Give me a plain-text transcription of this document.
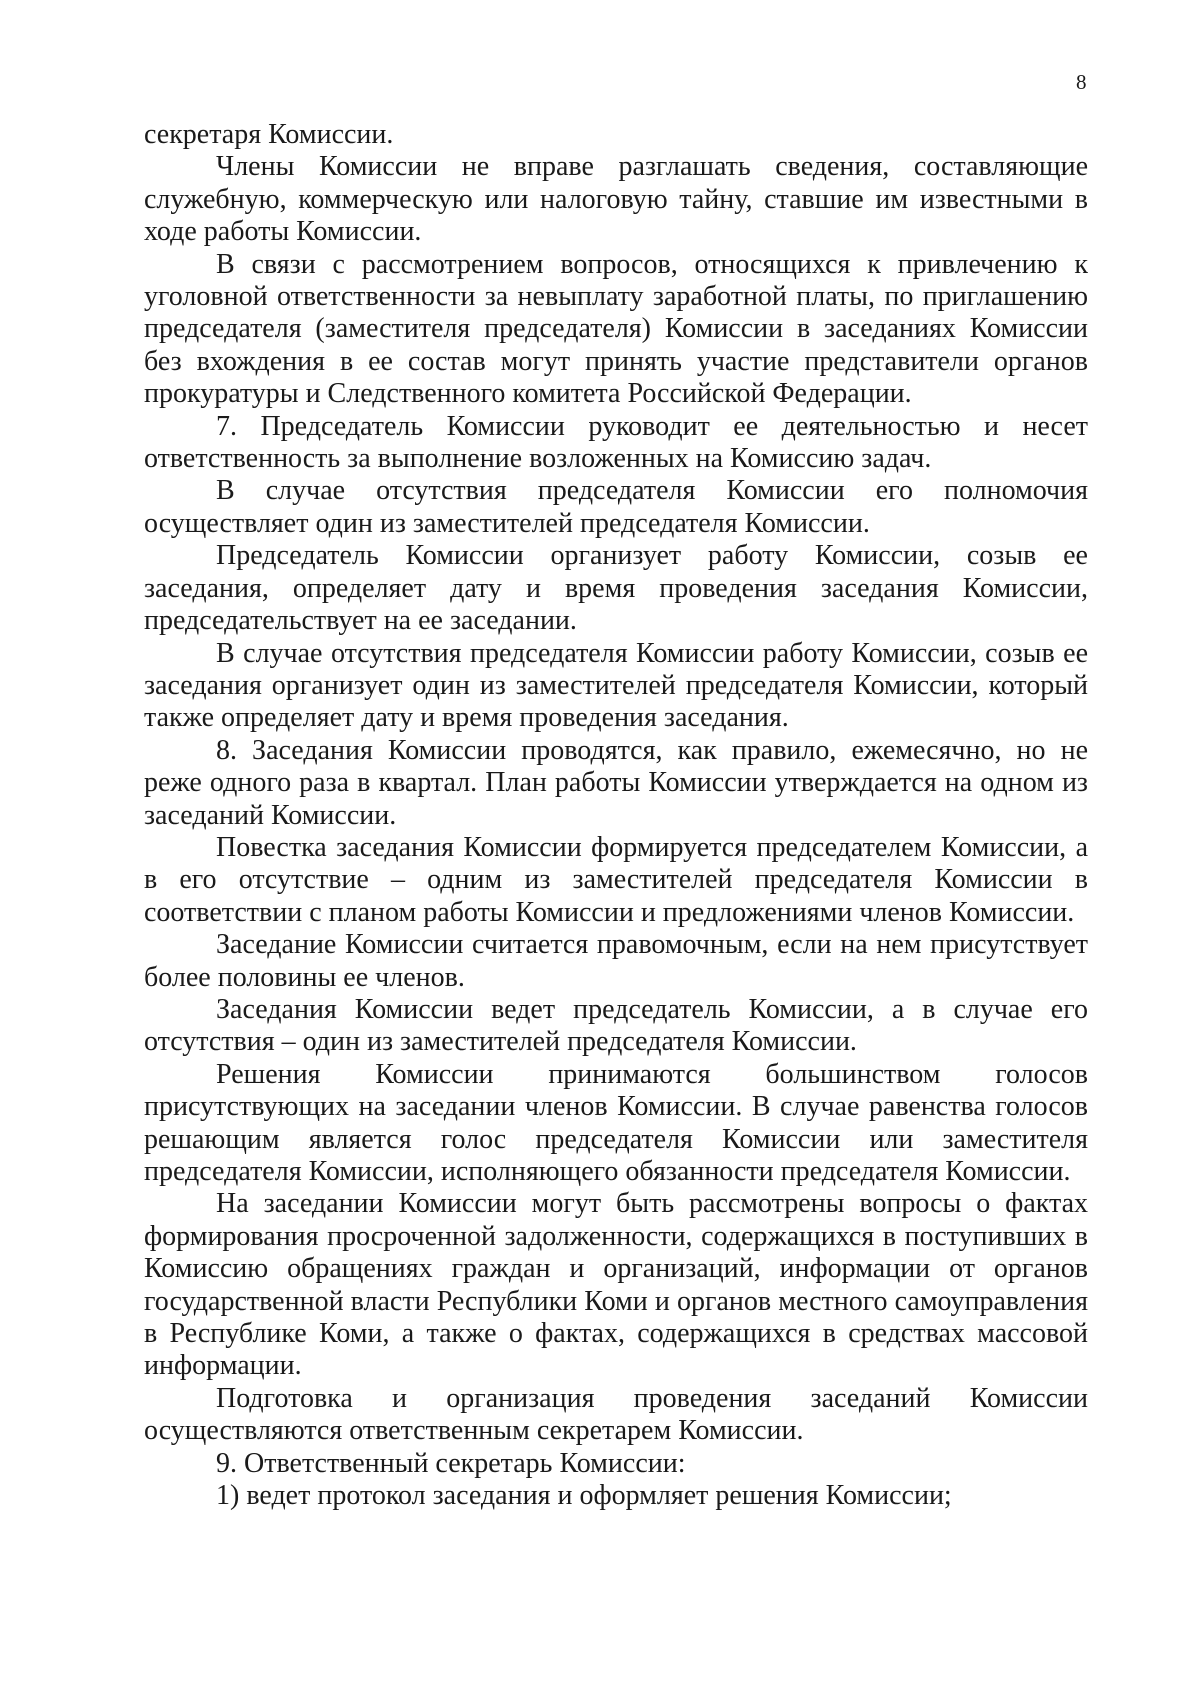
8

секретаря Комиссии.

Члены Комиссии не вправе разглашать сведения, составляющие служебную, коммерческую или налоговую тайну, ставшие им известными в ходе работы Комиссии.

В связи с рассмотрением вопросов, относящихся к привлечению к уголовной ответственности за невыплату заработной платы, по приглашению председателя (заместителя председателя) Комиссии в заседаниях Комиссии без вхождения в ее состав могут принять участие представители органов прокуратуры и Следственного комитета Российской Федерации.

7. Председатель Комиссии руководит ее деятельностью и несет ответственность за выполнение возложенных на Комиссию задач.

В случае отсутствия председателя Комиссии его полномочия осуществляет один из заместителей председателя Комиссии.

Председатель Комиссии организует работу Комиссии, созыв ее заседания, определяет дату и время проведения заседания Комиссии, председательствует на ее заседании.

В случае отсутствия председателя Комиссии работу Комиссии, созыв ее заседания организует один из заместителей председателя Комиссии, который также определяет дату и время проведения заседания.

8. Заседания Комиссии проводятся, как правило, ежемесячно, но не реже одного раза в квартал. План работы Комиссии утверждается на одном из заседаний Комиссии.

Повестка заседания Комиссии формируется председателем Комиссии, а в его отсутствие – одним из заместителей председателя Комиссии в соответствии с планом работы Комиссии и предложениями членов Комиссии.

Заседание Комиссии считается правомочным, если на нем присутствует более половины ее членов.

Заседания Комиссии ведет председатель Комиссии, а в случае его отсутствия – один из заместителей председателя Комиссии.

Решения Комиссии принимаются большинством голосов присутствующих на заседании членов Комиссии. В случае равенства голосов решающим является голос председателя Комиссии или заместителя председателя Комиссии, исполняющего обязанности председателя Комиссии.

На заседании Комиссии могут быть рассмотрены вопросы о фактах формирования просроченной задолженности, содержащихся в поступивших в Комиссию обращениях граждан и организаций, информации от органов государственной власти Республики Коми и органов местного самоуправления в Республике Коми, а также о фактах, содержащихся в средствах массовой информации.

Подготовка и организация проведения заседаний Комиссии осуществляются ответственным секретарем Комиссии.

9. Ответственный секретарь Комиссии:

1) ведет протокол заседания и оформляет решения Комиссии;
